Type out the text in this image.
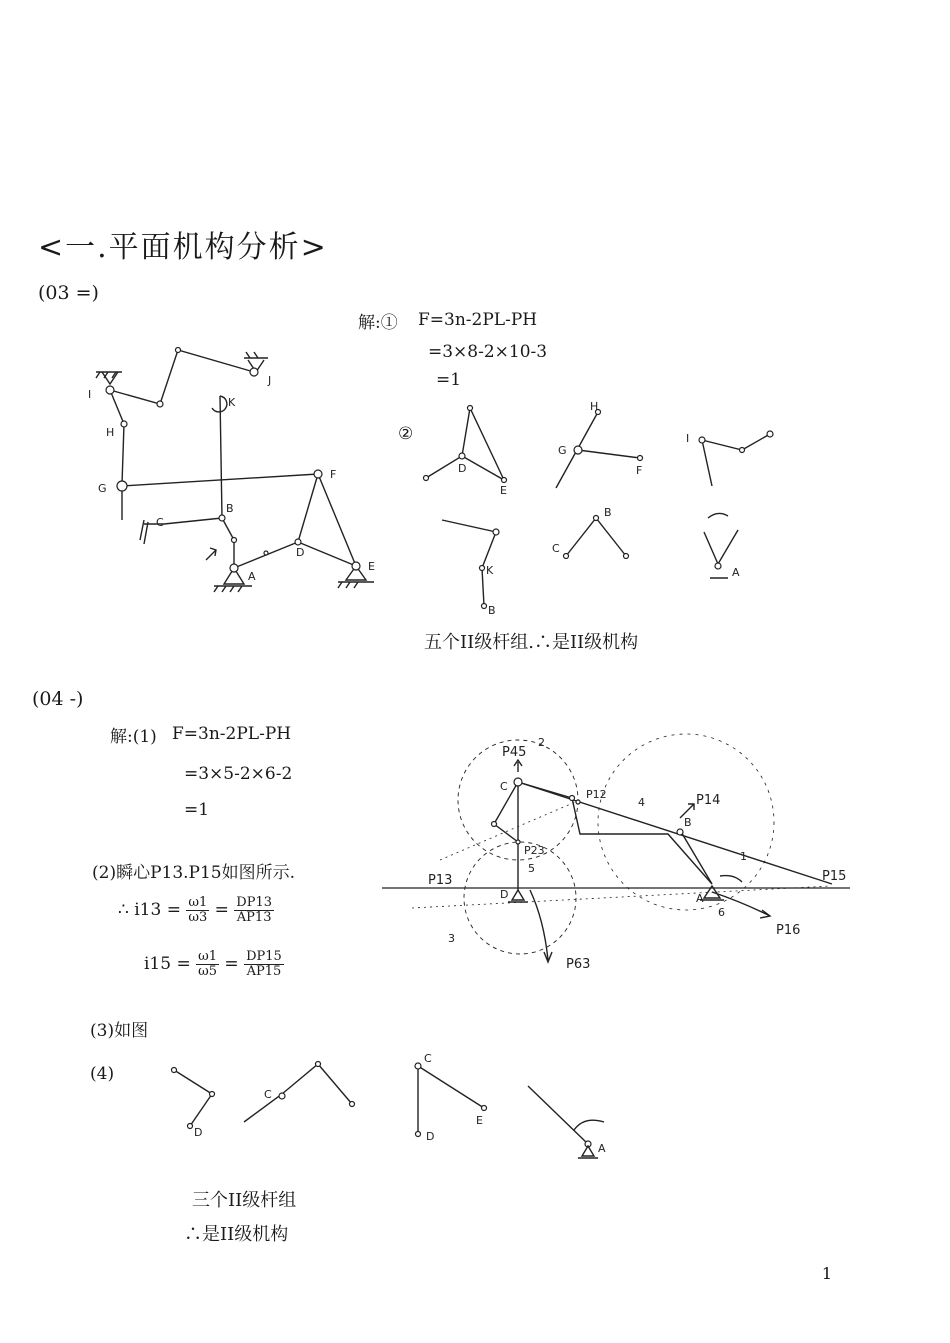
<一.平面机构分析>
(03 =)
解:① F=3n-2PL-PH
=3×8-2×10-3
=1
②
I
J
K
H
G
F
B
C
A
D
E
D
E
G
H
F
I
K
B
C
B
A
五个II级杆组.∴是II级机构
(04 -)
解:(1) F=3n-2PL-PH
=3×5-2×6-2
=1
(2)瞬心P13.P15如图所示.
∴ $i13 = \frac{\omega 1}{\omega 3} = \frac{DP13}{AP13}$
$i15 = \frac{\omega 1}{\omega 5} = \frac{DP15}{AP15}$
(3)如图
(4)
P45
2
C
P12
4	P14
B
1
P13
P23
5
D	A
6
P16
P15
3
P63
D
C
C
D
E
A
三个II级杆组
∴是II级机构
1
